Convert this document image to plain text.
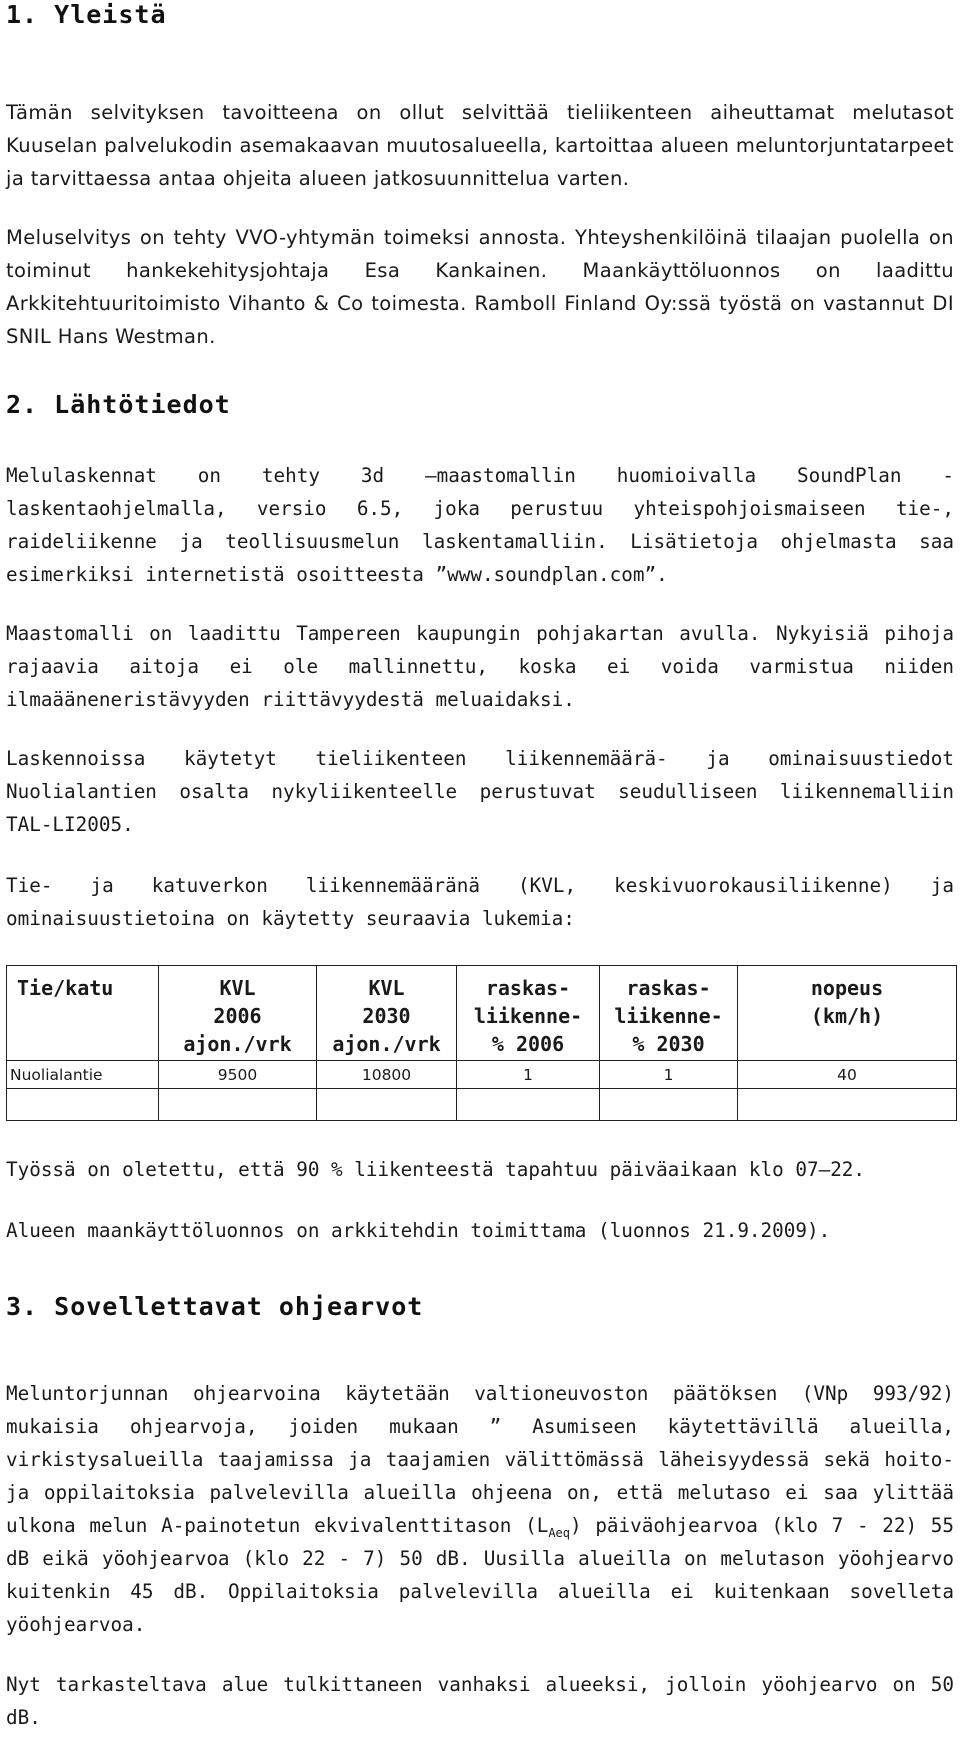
1. Yleistä

Tämän selvityksen tavoitteena on ollut selvittää tieliikenteen aiheuttamat melutasot Kuuselan palvelukodin asemakaavan muutosalueella, kartoittaa alueen meluntorjuntatarpeet ja tarvittaessa antaa ohjeita alueen jatkosuunnittelua varten.

Meluselvitys on tehty VVO-yhtymän toimeksi annosta. Yhteyshenkilöinä tilaajan puolella on toiminut hankekehitysjohtaja Esa Kankainen. Maankäyttöluonnos on laadittu Arkkitehtuuritoimisto Vihanto & Co toimesta. Ramboll Finland Oy:ssä työstä on vastannut DI SNIL Hans Westman.

2. Lähtötiedot

Melulaskennat on tehty 3d –maastomallin huomioivalla SoundPlan - laskentaohjelmalla, versio 6.5, joka perustuu yhteispohjoismaiseen tie-, raideliikenne ja teollisuusmelun laskentamalliin. Lisätietoja ohjelmasta saa esimerkiksi internetistä osoitteesta ”www.soundplan.com”.

Maastomalli on laadittu Tampereen kaupungin pohjakartan avulla. Nykyisiä pihoja rajaavia aitoja ei ole mallinnettu, koska ei voida varmistua niiden ilmaääneneristävyyden riittävyydestä meluaidaksi.

Laskennoissa käytetyt tieliikenteen liikennemäärä- ja ominaisuustiedot Nuolialantien osalta nykyliikenteelle perustuvat seudulliseen liikennemalliin TAL-LI2005.

Tie- ja katuverkon liikennemääränä (KVL, keskivuorokausiliikenne) ja ominaisuustietoina on käytetty seuraavia lukemia:

Tie/katu	KVL
2006
ajon./vrk	KVL
2030
ajon./vrk	raskas-
liikenne-
% 2006	raskas-
liikenne-
% 2030	nopeus
(km/h)
Nuolialantie	9500	10800	1	1	40

Työssä on oletettu, että 90 % liikenteestä tapahtuu päiväaikaan klo 07–22.

Alueen maankäyttöluonnos on arkkitehdin toimittama (luonnos 21.9.2009).

3. Sovellettavat ohjearvot

Meluntorjunnan ohjearvoina käytetään valtioneuvoston päätöksen (VNp 993/92) mukaisia ohjearvoja, joiden mukaan ” Asumiseen käytettävillä alueilla, virkistysalueilla taajamissa ja taajamien välittömässä läheisyydessä sekä hoito- ja oppilaitoksia palvelevilla alueilla ohjeena on, että melutaso ei saa ylittää ulkona melun A-painotetun ekvivalenttitason $(L_{Aeq})$ päiväohjearvoa (klo 7 - 22) 55 dB eikä yöohjearvoa (klo 22 - 7) 50 dB. Uusilla alueilla on melutason yöohjearvo kuitenkin 45 dB. Oppilaitoksia palvelevilla alueilla ei kuitenkaan sovelleta yöohjearvoa.

Nyt tarkasteltava alue tulkittaneen vanhaksi alueeksi, jolloin yöohjearvo on 50 dB.
